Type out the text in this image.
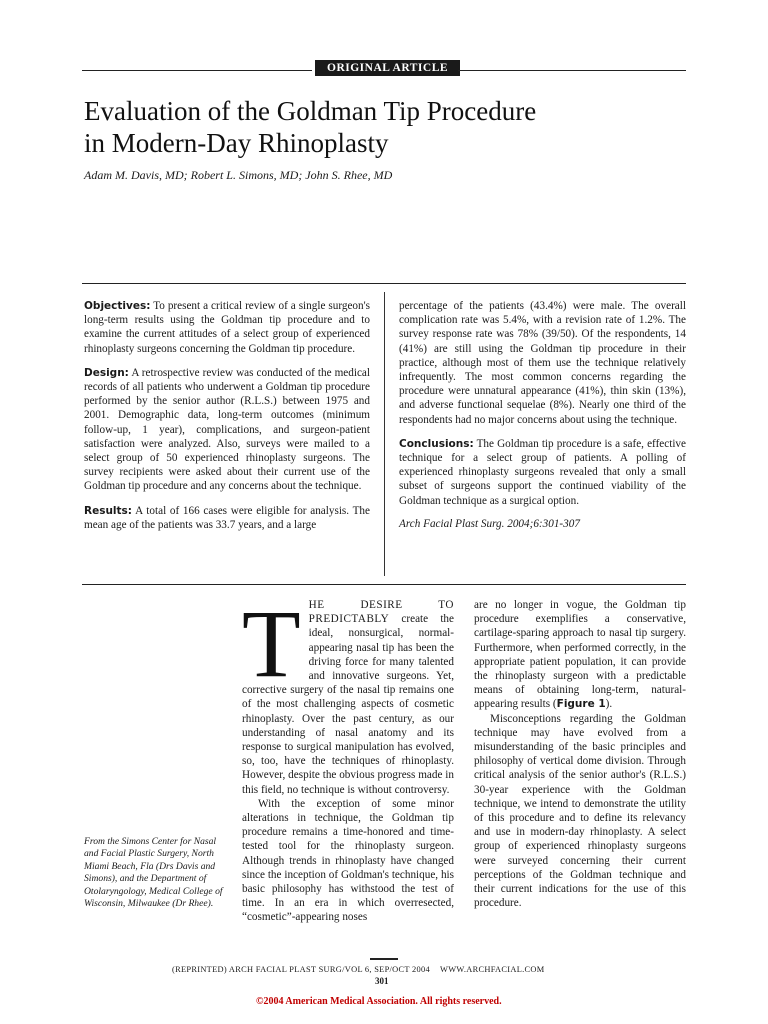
ORIGINAL ARTICLE
Evaluation of the Goldman Tip Procedure
in Modern-Day Rhinoplasty
Adam M. Davis, MD; Robert L. Simons, MD; John S. Rhee, MD

Objectives: To present a critical review of a single surgeon's long-term results using the Goldman tip procedure and to examine the current attitudes of a select group of experienced rhinoplasty surgeons concerning the Goldman tip procedure.

Design: A retrospective review was conducted of the medical records of all patients who underwent a Goldman tip procedure performed by the senior author (R.L.S.) between 1975 and 2001. Demographic data, long-term outcomes (minimum follow-up, 1 year), complications, and surgeon-patient satisfaction were analyzed. Also, surveys were mailed to a select group of 50 experienced rhinoplasty surgeons. The survey recipients were asked about their current use of the Goldman tip procedure and any concerns about the technique.

Results: A total of 166 cases were eligible for analysis. The mean age of the patients was 33.7 years, and a large

percentage of the patients (43.4%) were male. The overall complication rate was 5.4%, with a revision rate of 1.2%. The survey response rate was 78% (39/50). Of the respondents, 14 (41%) are still using the Goldman tip procedure in their practice, although most of them use the technique relatively infrequently. The most common concerns regarding the procedure were unnatural appearance (41%), thin skin (13%), and adverse functional sequelae (8%). Nearly one third of the respondents had no major concerns about using the technique.

Conclusions: The Goldman tip procedure is a safe, effective technique for a select group of patients. A polling of experienced rhinoplasty surgeons revealed that only a small subset of surgeons support the continued viability of the Goldman technique as a surgical option.

Arch Facial Plast Surg. 2004;6:301-307
From the Simons Center for Nasal and Facial Plastic Surgery, North Miami Beach, Fla (Drs Davis and Simons), and the Department of Otolaryngology, Medical College of Wisconsin, Milwaukee (Dr Rhee).

T HE DESIRE TO PREDICTABLY create the ideal, nonsurgical, normal-appearing nasal tip has been the driving force for many talented and innovative surgeons. Yet, corrective surgery of the nasal tip remains one of the most challenging aspects of cosmetic rhinoplasty. Over the past century, as our understanding of nasal anatomy and its response to surgical manipulation has evolved, so, too, have the techniques of rhinoplasty. However, despite the obvious progress made in this field, no technique is without controversy.

With the exception of some minor alterations in technique, the Goldman tip procedure remains a time-honored and time-tested tool for the rhinoplasty surgeon. Although trends in rhinoplasty have changed since the inception of Goldman's technique, his basic philosophy has withstood the test of time. In an era in which overresected, “cosmetic”-appearing noses

are no longer in vogue, the Goldman tip procedure exemplifies a conservative, cartilage-sparing approach to nasal tip surgery. Furthermore, when performed correctly, in the appropriate patient population, it can provide the rhinoplasty surgeon with a predictable means of obtaining long-term, natural-appearing results (Figure 1).

Misconceptions regarding the Goldman technique may have evolved from a misunderstanding of the basic principles and philosophy of vertical dome division. Through critical analysis of the senior author's (R.L.S.) 30-year experience with the Goldman technique, we intend to demonstrate the utility of this procedure and to define its relevancy and use in modern-day rhinoplasty. A select group of experienced rhinoplasty surgeons were surveyed concerning their current perceptions of the Goldman technique and their current indications for the use of this procedure.

(REPRINTED) ARCH FACIAL PLAST SURG/VOL 6, SEP/OCT 2004 WWW.ARCHFACIAL.COM
301
©2004 American Medical Association. All rights reserved.
